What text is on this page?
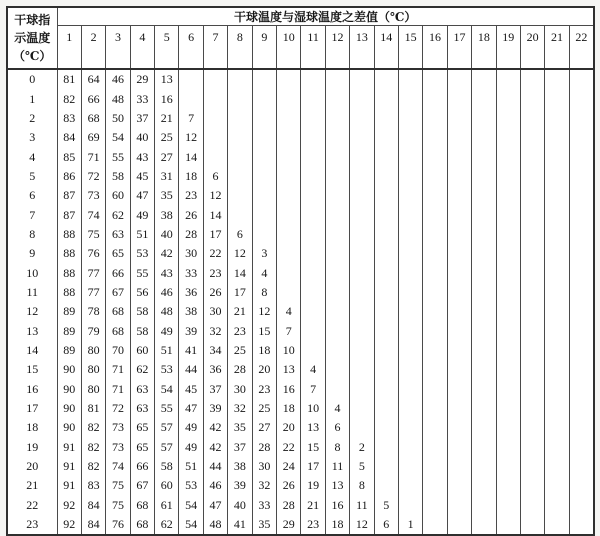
干球指
示温度
（℃）	干球温度与湿球温度之差值（℃）																					
	1	2	3	4	5	6	7	8	9	10	11	12	13	14	15	16	17	18	19	20	21	22
0	81	64	46	29	13																	
1	82	66	48	33	16																	
2	83	68	50	37	21	7																
3	84	69	54	40	25	12																
4	85	71	55	43	27	14																
5	86	72	58	45	31	18	6															
6	87	73	60	47	35	23	12															
7	87	74	62	49	38	26	14															
8	88	75	63	51	40	28	17	6														
9	88	76	65	53	42	30	22	12	3													
10	88	77	66	55	43	33	23	14	4													
11	88	77	67	56	46	36	26	17	8													
12	89	78	68	58	48	38	30	21	12	4												
13	89	79	68	58	49	39	32	23	15	7												
14	89	80	70	60	51	41	34	25	18	10												
15	90	80	71	62	53	44	36	28	20	13	4											
16	90	80	71	63	54	45	37	30	23	16	7											
17	90	81	72	63	55	47	39	32	25	18	10	4										
18	90	82	73	65	57	49	42	35	27	20	13	6										
19	91	82	73	65	57	49	42	37	28	22	15	8	2									
20	91	82	74	66	58	51	44	38	30	24	17	11	5									
21	91	83	75	67	60	53	46	39	32	26	19	13	8									
22	92	84	75	68	61	54	47	40	33	28	21	16	11	5								
23	92	84	76	68	62	54	48	41	35	29	23	18	12	6	1							
